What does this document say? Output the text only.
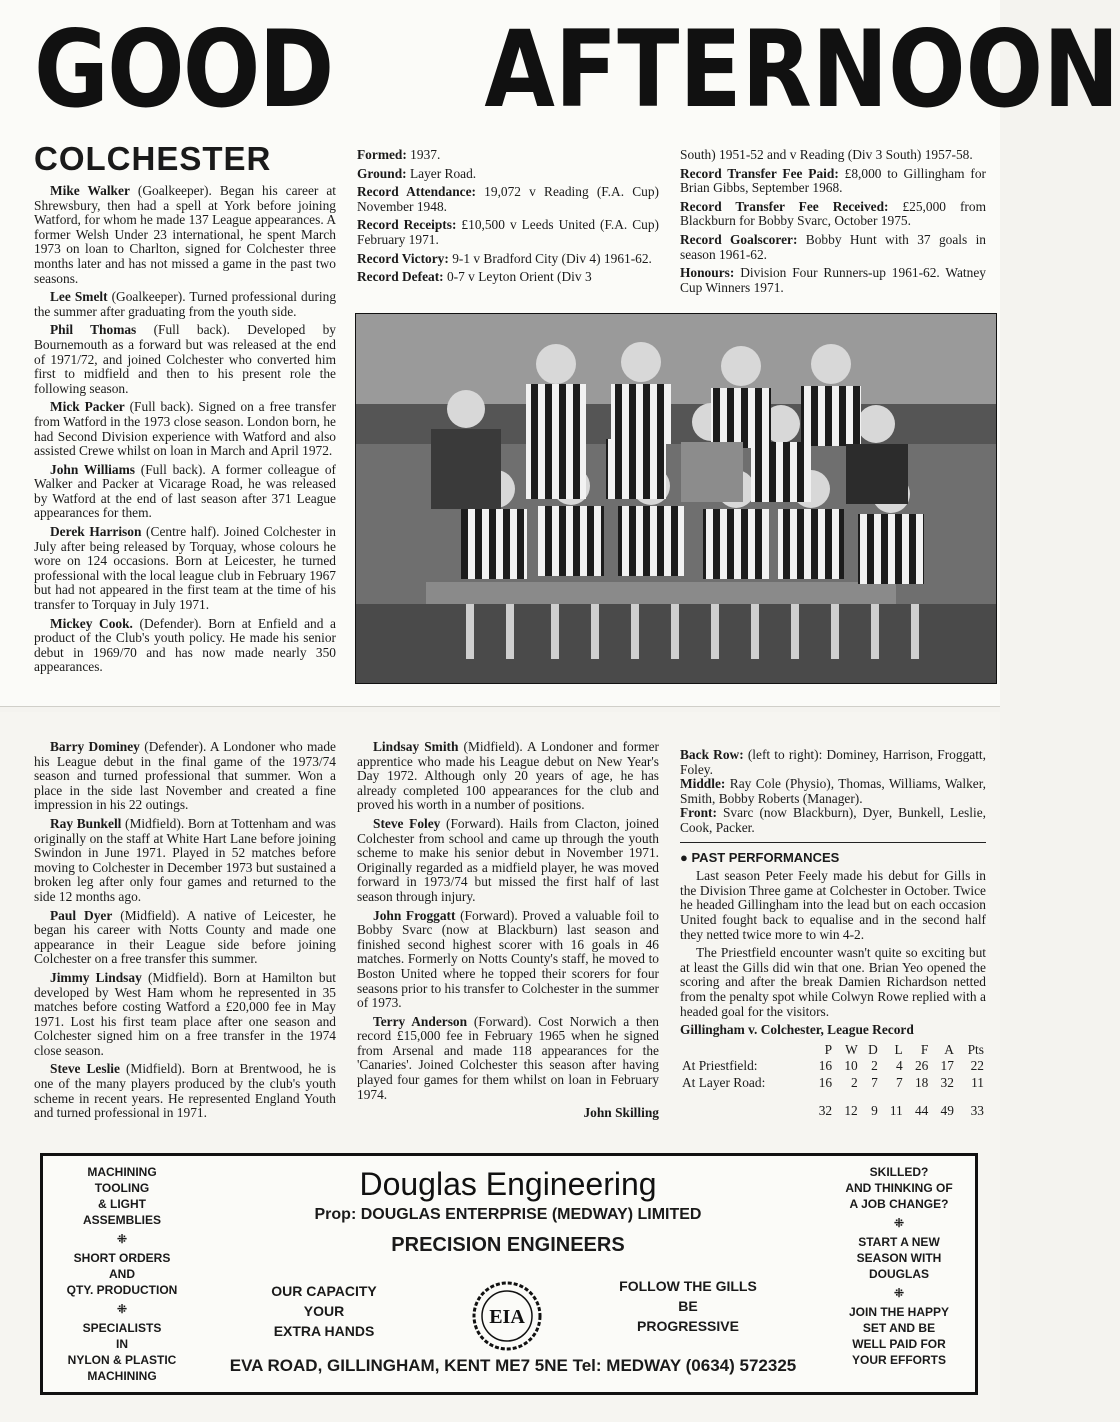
GOOD AFTERNOON
COLCHESTER

Mike Walker (Goalkeeper). Began his career at Shrewsbury, then had a spell at York before joining Watford, for whom he made 137 League appearances. A former Welsh Under 23 international, he spent March 1973 on loan to Charlton, signed for Colchester three months later and has not missed a game in the past two seasons.

Lee Smelt (Goalkeeper). Turned professional during the summer after graduating from the youth side.

Phil Thomas (Full back). Developed by Bournemouth as a forward but was released at the end of 1971/72, and joined Colchester who converted him first to midfield and then to his present role the following season.

Mick Packer (Full back). Signed on a free transfer from Watford in the 1973 close season. London born, he had Second Division experience with Watford and also assisted Crewe whilst on loan in March and April 1972.

John Williams (Full back). A former colleague of Walker and Packer at Vicarage Road, he was released by Watford at the end of last season after 371 League appearances for them.

Derek Harrison (Centre half). Joined Colchester in July after being released by Torquay, whose colours he wore on 124 occasions. Born at Leicester, he turned professional with the local league club in February 1967 but had not appeared in the first team at the time of his transfer to Torquay in July 1971.

Mickey Cook. (Defender). Born at Enfield and a product of the Club's youth policy. He made his senior debut in 1969/70 and has now made nearly 350 appearances.

Formed: 1937.

Ground: Layer Road.

Record Attendance: 19,072 v Reading (F.A. Cup) November 1948.

Record Receipts: £10,500 v Leeds United (F.A. Cup) February 1971.

Record Victory: 9-1 v Bradford City (Div 4) 1961-62.

Record Defeat: 0-7 v Leyton Orient (Div 3

South) 1951-52 and v Reading (Div 3 South) 1957-58.

Record Transfer Fee Paid: £8,000 to Gillingham for Brian Gibbs, September 1968.

Record Transfer Fee Received: £25,000 from Blackburn for Bobby Svarc, October 1975.

Record Goalscorer: Bobby Hunt with 37 goals in season 1961-62.

Honours: Division Four Runners-up 1961-62. Watney Cup Winners 1971.

Barry Dominey (Defender). A Londoner who made his League debut in the final game of the 1973/74 season and turned professional that summer. Won a place in the side last November and created a fine impression in his 22 outings.

Ray Bunkell (Midfield). Born at Tottenham and was originally on the staff at White Hart Lane before joining Swindon in June 1971. Played in 52 matches before moving to Colchester in December 1973 but sustained a broken leg after only four games and returned to the side 12 months ago.

Paul Dyer (Midfield). A native of Leicester, he began his career with Notts County and made one appearance in their League side before joining Colchester on a free transfer this summer.

Jimmy Lindsay (Midfield). Born at Hamilton but developed by West Ham whom he represented in 35 matches before costing Watford a £20,000 fee in May 1971. Lost his first team place after one season and Colchester signed him on a free transfer in the 1974 close season.

Steve Leslie (Midfield). Born at Brentwood, he is one of the many players produced by the club's youth scheme in recent years. He represented England Youth and turned professional in 1971.

Lindsay Smith (Midfield). A Londoner and former apprentice who made his League debut on New Year's Day 1972. Although only 20 years of age, he has already completed 100 appearances for the club and proved his worth in a number of positions.

Steve Foley (Forward). Hails from Clacton, joined Colchester from school and came up through the youth scheme to make his senior debut in November 1971. Originally regarded as a midfield player, he was moved forward in 1973/74 but missed the first half of last season through injury.

John Froggatt (Forward). Proved a valuable foil to Bobby Svarc (now at Blackburn) last season and finished second highest scorer with 16 goals in 46 matches. Formerly on Notts County's staff, he moved to Boston United where he topped their scorers for four seasons prior to his transfer to Colchester in the summer of 1973.

Terry Anderson (Forward). Cost Norwich a then record £15,000 fee in February 1965 when he signed from Arsenal and made 118 appearances for the 'Canaries'. Joined Colchester this season after having played four games for them whilst on loan in February 1974.

John Skilling

Back Row: (left to right): Dominey, Harrison, Froggatt, Foley.
Middle: Ray Cole (Physio), Thomas, Williams, Walker, Smith, Bobby Roberts (Manager).
Front: Svarc (now Blackburn), Dyer, Bunkell, Leslie, Cook, Packer.

● PAST PERFORMANCES

Last season Peter Feely made his debut for Gills in the Division Three game at Colchester in October. Twice he headed Gillingham into the lead but on each occasion United fought back to equalise and in the second half they netted twice more to win 4-2.

The Priestfield encounter wasn't quite so exciting but at least the Gills did win that one. Brian Yeo opened the scoring and after the break Damien Richardson netted from the penalty spot while Colwyn Rowe replied with a headed goal for the visitors.

Gillingham v. Colchester, League Record

	P	W	D	L	F	A	Pts
At Priestfield:	16	10	2	4	26	17	22
At Layer Road:	16	2	7	7	18	32	11
	32	12	9	11	44	49	33
MACHINING
TOOLING
& LIGHT
ASSEMBLIES
⁜
SHORT ORDERS
AND
QTY. PRODUCTION
⁜
SPECIALISTS
IN
NYLON & PLASTIC
MACHINING
SKILLED?
AND THINKING OF
A JOB CHANGE?
⁜
START A NEW
SEASON WITH
DOUGLAS
⁜
JOIN THE HAPPY
SET AND BE
WELL PAID FOR
YOUR EFFORTS
Douglas Engineering
Prop: DOUGLAS ENTERPRISE (MEDWAY) LIMITED
PRECISION ENGINEERS
OUR CAPACITY
YOUR
EXTRA HANDS
EIA
FOLLOW THE GILLS
BE
PROGRESSIVE
EVA ROAD, GILLINGHAM, KENT ME7 5NE Tel: MEDWAY (0634) 572325
